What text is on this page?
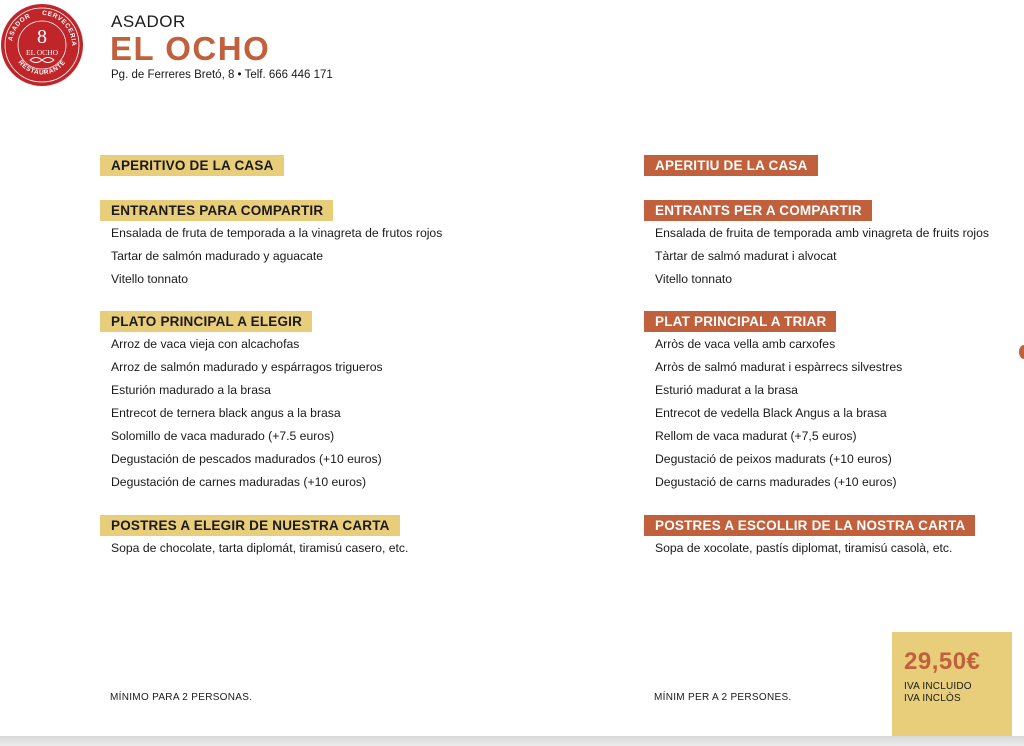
ASADOR CERVECERIA
RESTAURANTE
8
EL OCHO
ASADOR
EL OCHO
Pg. de Ferreres Bretó, 8 • Telf. 666 446 171
APERITIVO DE LA CASA
ENTRANTES PARA COMPARTIR
Ensalada de fruta de temporada a la vinagreta de frutos rojos
Tartar de salmón madurado y aguacate
Vitello tonnato
PLATO PRINCIPAL A ELEGIR
Arroz de vaca vieja con alcachofas
Arroz de salmón madurado y espárragos trigueros
Esturión madurado a la brasa
Entrecot de ternera black angus a la brasa
Solomillo de vaca madurado (+7.5 euros)
Degustación de pescados madurados (+10 euros)
Degustación de carnes maduradas (+10 euros)
POSTRES A ELEGIR DE NUESTRA CARTA
Sopa de chocolate, tarta diplomát, tiramisú casero, etc.
APERITIU DE LA CASA
ENTRANTS PER A COMPARTIR
Ensalada de fruita de temporada amb vinagreta de fruits rojos
Tàrtar de salmó madurat i alvocat
Vitello tonnato
PLAT PRINCIPAL A TRIAR
Arròs de vaca vella amb carxofes
Arròs de salmó madurat i espàrrecs silvestres
Esturió madurat a la brasa
Entrecot de vedella Black Angus a la brasa
Rellom de vaca madurat (+7,5 euros)
Degustació de peixos madurats (+10 euros)
Degustació de carns madurades (+10 euros)
POSTRES A ESCOLLIR DE LA NOSTRA CARTA
Sopa de xocolate, pastís diplomat, tiramisú casolà, etc.
MÍNIMO PARA 2 PERSONAS.	MÍNIM PER A 2 PERSONES.
29,50€
IVA INCLUIDO
IVA INCLÒS
